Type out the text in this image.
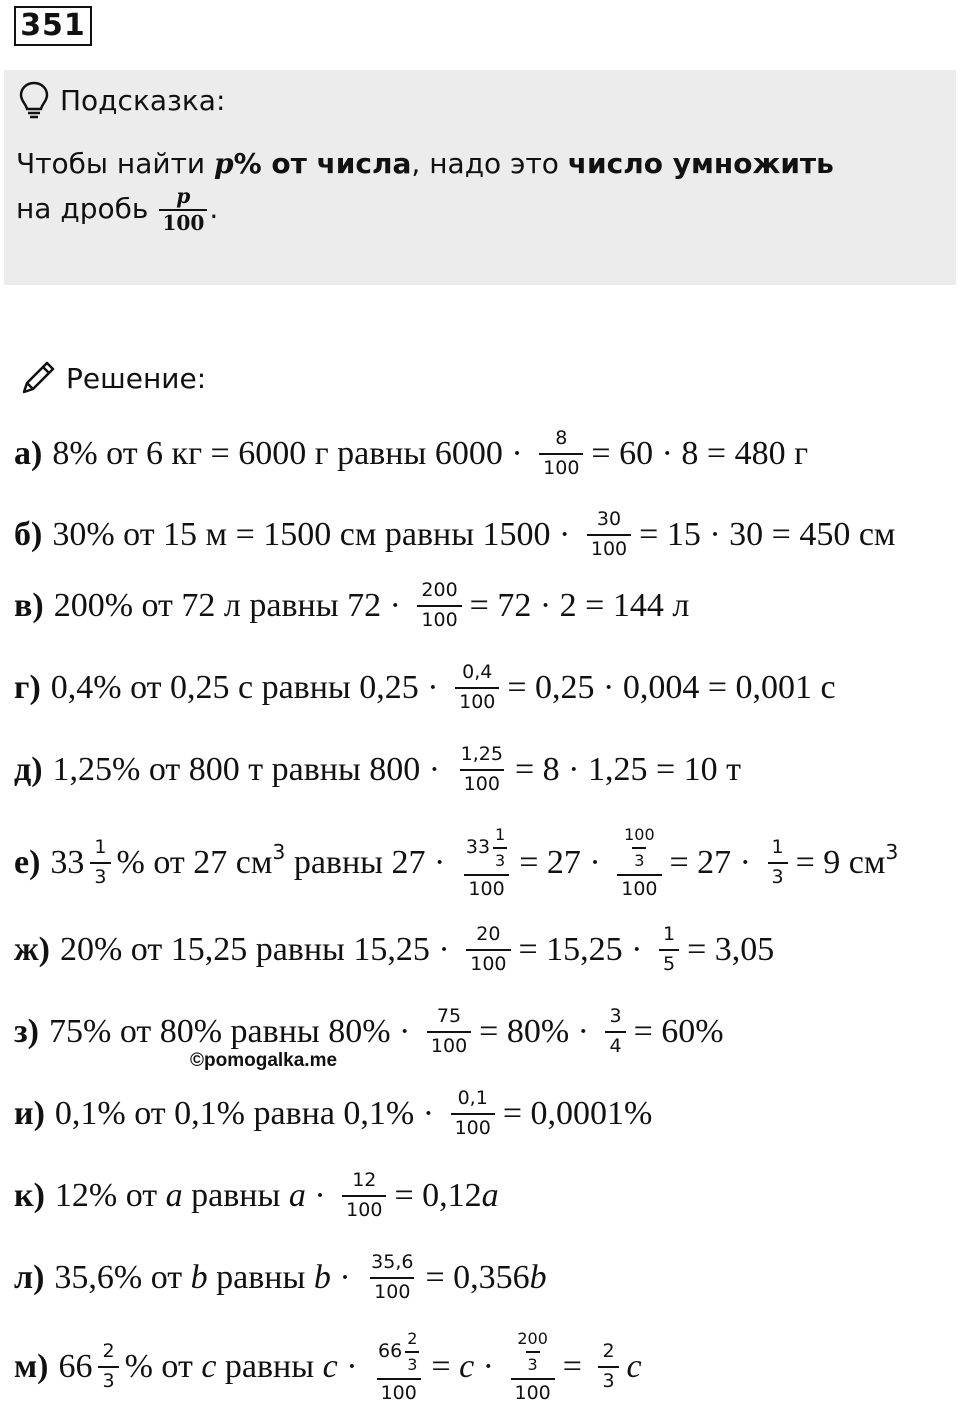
351
Подсказка:
Чтобы найти p% от числа, надо это число умножить
на дробь $\frac{p}{100}$ .
Решение:
а) 8% от 6 кг = 6000 г равны $6000 \cdot \frac{8}{100} = 60 \cdot 8 = 480$ г
б) 30% от 15 м = 1500 см равны $1500 \cdot \frac{30}{100} = 15 \cdot 30 = 450$ см
в) 200% от 72 л равны $72 \cdot \frac{200}{100} = 72 \cdot 2 = 144$ л
г) 0,4% от 0,25 с равны $0,25 \cdot \frac{0,4}{100} = 0,25 \cdot 0,004 = 0,001$ с
д) 1,25% от 800 т равны $800 \cdot \frac{1,25}{100} = 8 \cdot 1,25 = 10$ т
е) $33 \frac{1}{3}$ % от 27 см 3 равны $27 \cdot \frac{33 \frac{1}{3}}{100} = 27 \cdot \frac{\frac{100}{3}}{100} = 27 \cdot \frac{1}{3} = 9$ см 3
ж) 20% от 15,25 равны $15,25 \cdot \frac{20}{100} = 15,25 \cdot \frac{1}{5} = 3,05$
з) 75% от 80% равны $80\% \cdot \frac{75}{100} = 80\% \cdot \frac{3}{4} = 60\%$
©pomogalka.me
и) 0,1% от 0,1% равна $0,1\% \cdot \frac{0,1}{100} = 0,0001\%$
к) 12% от a равны $a \cdot \frac{12}{100} = 0,12$ a
л) 35,6% от b равны $b \cdot \frac{35,6}{100} = 0,356$ b
м) $66 \frac{2}{3}$ % от c равны $c \cdot \frac{66 \frac{2}{3}}{100} = c \cdot \frac{\frac{200}{3}}{100} = \frac{2}{3}$ c
